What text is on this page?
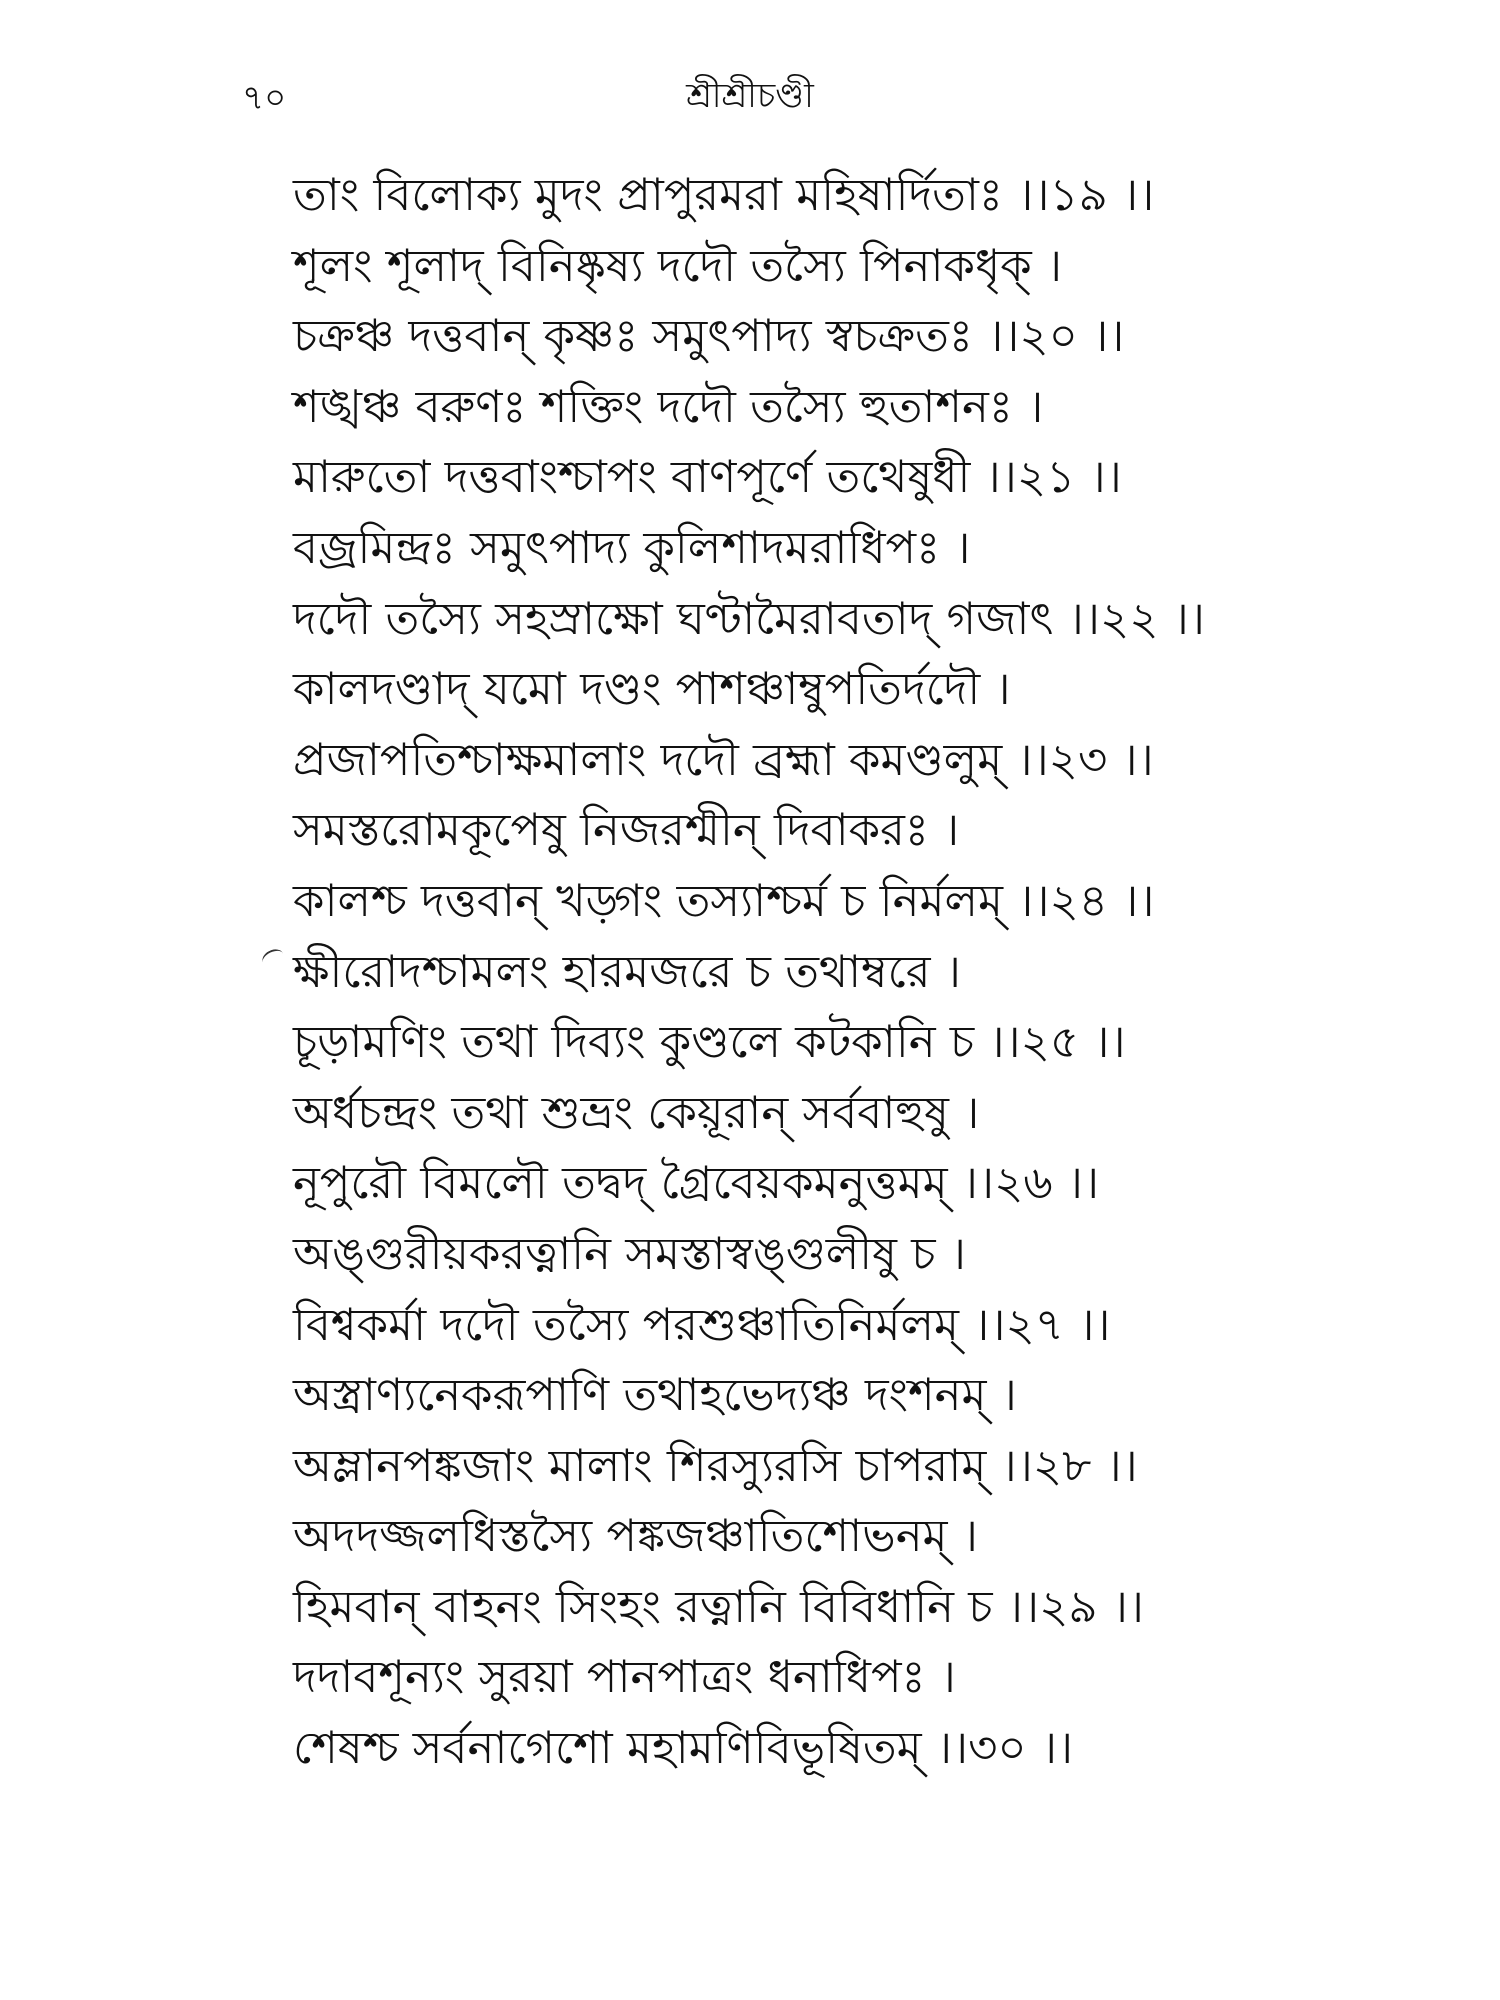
৭০	শ্রীশ্রীচণ্ডী
তাং বিলোক্য মুদং প্রাপুরমরা মহিষার্দিতাঃ ।।১৯ ।।
শূলং শূলাদ্ বিনিষ্কৃষ্য দদৌ তস্যৈ পিনাকধৃক্ ।
চক্রঞ্চ দত্তবান্ কৃষ্ণঃ সমুৎপাদ্য স্বচক্রতঃ ।।২০ ।।
শঙ্খঞ্চ বরুণঃ শক্তিং দদৌ তস্যৈ হুতাশনঃ ।
মারুতো দত্তবাংশ্চাপং বাণপূর্ণে তথেষুধী ।।২১ ।।
বজ্রমিন্দ্রঃ সমুৎপাদ্য কুলিশাদমরাধিপঃ ।
দদৌ তস্যৈ সহস্রাক্ষো ঘণ্টামৈরাবতাদ্ গজাৎ ।।২২ ।।
কালদণ্ডাদ্ যমো দণ্ডং পাশঞ্চাম্বুপতির্দদৌ ।
প্রজাপতিশ্চাক্ষমালাং দদৌ ব্রহ্মা কমণ্ডলুম্ ।।২৩ ।।
সমস্তরোমকূপেষু নিজরশ্মীন্ দিবাকরঃ ।
কালশ্চ দত্তবান্ খড়্গং তস্যাশ্চর্ম চ নির্মলম্ ।।২৪ ।।
ক্ষীরোদশ্চামলং হারমজরে চ তথাম্বরে ।
চূড়ামণিং তথা দিব্যং কুণ্ডলে কটকানি চ ।।২৫ ।।
অর্ধচন্দ্রং তথা শুভ্রং কেয়ূরান্ সর্ববাহুষু ।
নূপুরৌ বিমলৌ তদ্বদ্ গ্রৈবেয়কমনুত্তমম্ ।।২৬ ।।
অঙ্গুরীয়করত্নানি সমস্তাস্বঙ্গুলীষু চ ।
বিশ্বকর্মা দদৌ তস্যৈ পরশুঞ্চাতিনির্মলম্ ।।২৭ ।।
অস্ত্রাণ্যনেকরূপাণি তথাহভেদ্যঞ্চ দংশনম্ ।
অম্লানপঙ্কজাং মালাং শিরস্যুরসি চাপরাম্ ।।২৮ ।।
অদদজ্জলধিস্তস্যৈ পঙ্কজঞ্চাতিশোভনম্ ।
হিমবান্ বাহনং সিংহং রত্নানি বিবিধানি চ ।।২৯ ।।
দদাবশূন্যং সুরয়া পানপাত্রং ধনাধিপঃ ।
শেষশ্চ সর্বনাগেশো মহামণিবিভূষিতম্ ।।৩০ ।।
